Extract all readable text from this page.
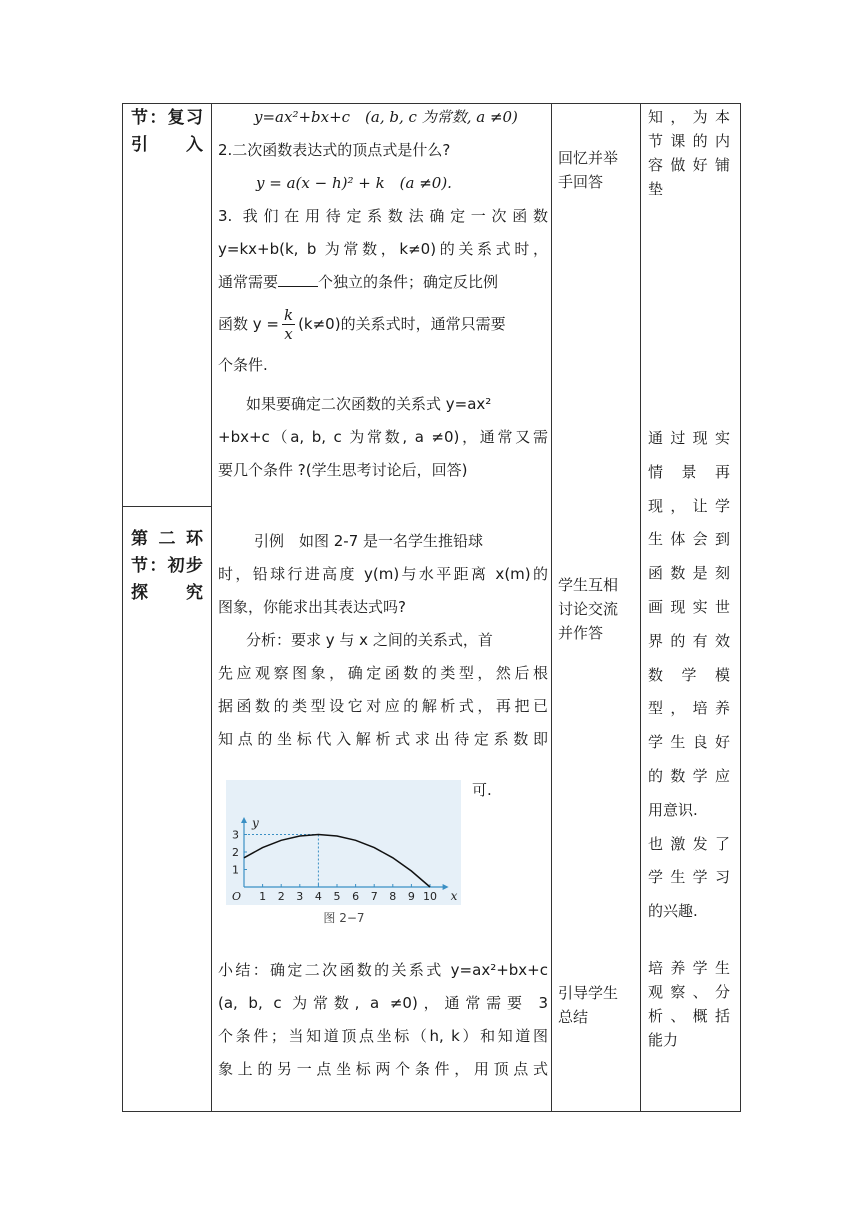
节：复习引入
第二环节：初步探究
y=ax²+bx+c　(a, b, c 为常数, a ≠0)
2.二次函数表达式的顶点式是什么?
y = a(x − h)² + k　(a ≠0).
3. 我们在用待定系数法确定一次函数
y=kx+b(k, b 为常数，k≠0)的关系式时，
通常需要	个独立的条件；确定反比例
函数 $y = \frac{k}{x} (k\ne 0)$的关系式时，通常只需要
个条件.
如果要确定二次函数的关系式 y=ax²
+bx+c（a, b, c 为常数, a ≠0)，通常又需
要几个条件 ?(学生思考讨论后，回答)
引例　如图 2-7 是一名学生推铅球
时，铅球行进高度 y(m)与水平距离 x(m)的
图象，你能求出其表达式吗?
分析：要求 y 与 x 之间的关系式，首
先应观察图象，确定函数的类型，然后根
据函数的类型设它对应的解析式，再把已
知点的坐标代入解析式求出待定系数即
可.
1 2 3 4 5 6 7 8 9 10
1
2
3
O	x
y
图 2−7
小结：确定二次函数的关系式 y=ax²+bx+c
(a, b, c 为常数, a ≠0)，通常需要 3
个条件；当知道顶点坐标（h, k）和知道图
象上的另一点坐标两个条件，用顶点式
回忆并举
手回答
学生互相
讨论交流
并作答
引导学生
总结
知，为本
节课的内
容做好铺
垫
通过现实
情景再
现，让学
生体会到
函数是刻
画现实世
界的有效
数学模
型，培养
学生良好
的数学应
用意识.
也激发了
学生学习
的兴趣.
培养学生
观察、分
析、概括
能力
